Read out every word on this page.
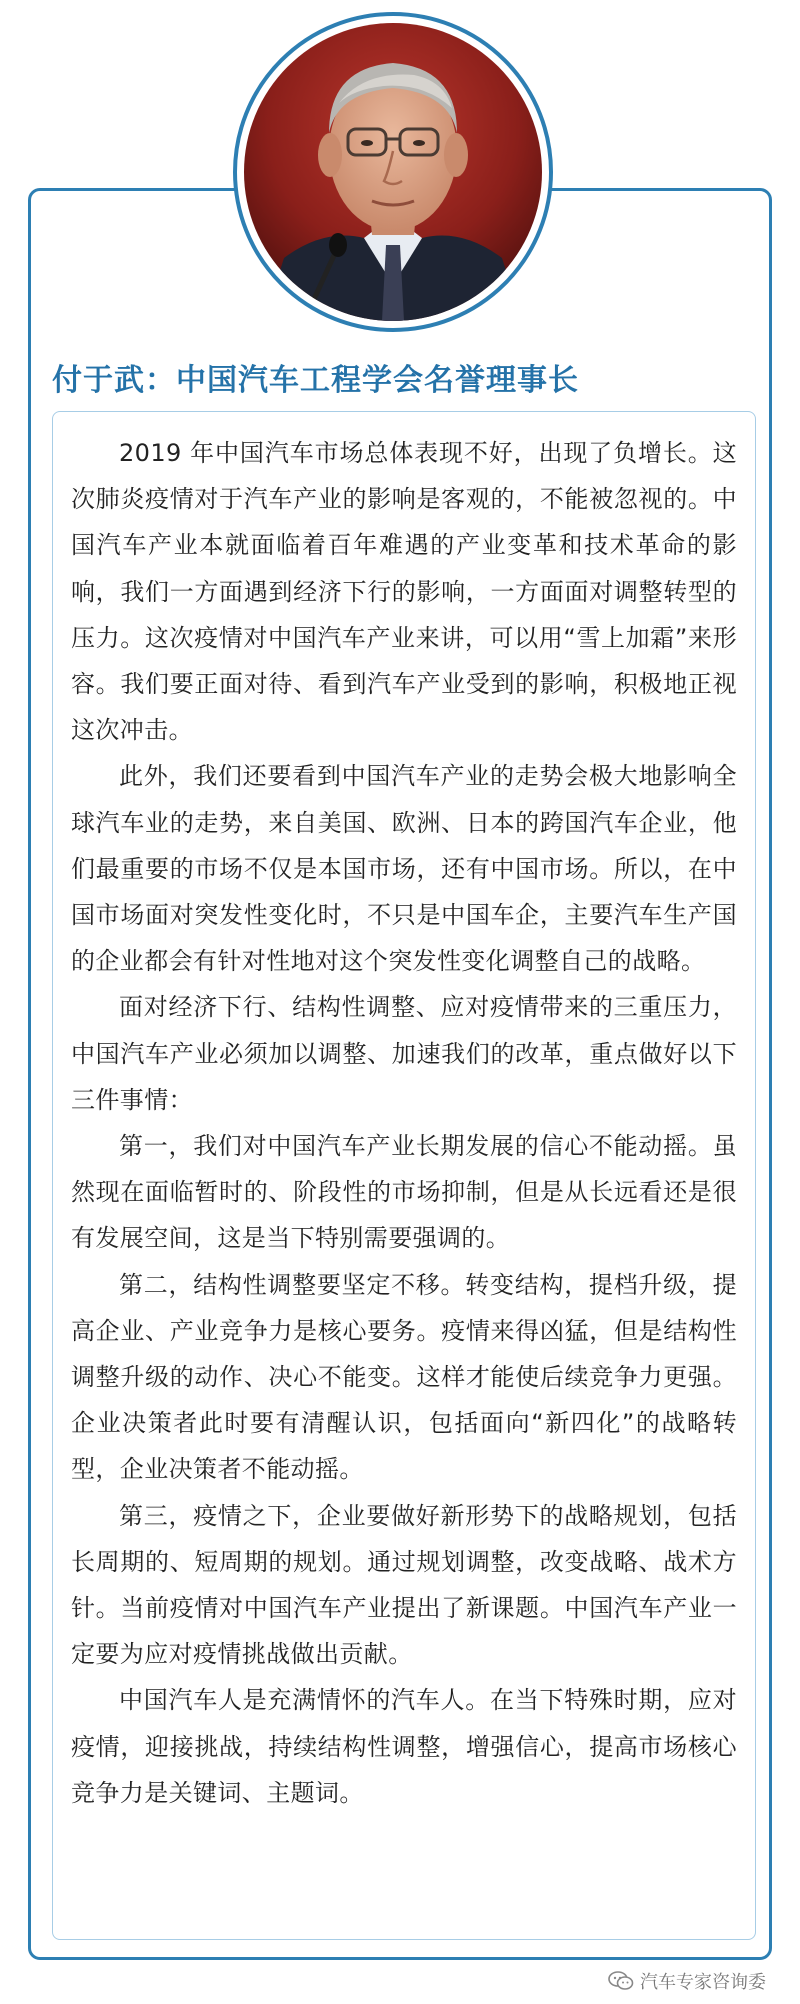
付于武：中国汽车工程学会名誉理事长

2019 年中国汽车市场总体表现不好，出现了负增长。这次肺炎疫情对于汽车产业的影响是客观的，不能被忽视的。中国汽车产业本就面临着百年难遇的产业变革和技术革命的影响，我们一方面遇到经济下行的影响，一方面面对调整转型的压力。这次疫情对中国汽车产业来讲，可以用“雪上加霜”来形容。我们要正面对待、看到汽车产业受到的影响，积极地正视这次冲击。

此外，我们还要看到中国汽车产业的走势会极大地影响全球汽车业的走势，来自美国、欧洲、日本的跨国汽车企业，他们最重要的市场不仅是本国市场，还有中国市场。所以，在中国市场面对突发性变化时，不只是中国车企，主要汽车生产国的企业都会有针对性地对这个突发性变化调整自己的战略。

面对经济下行、结构性调整、应对疫情带来的三重压力，中国汽车产业必须加以调整、加速我们的改革，重点做好以下三件事情：

第一，我们对中国汽车产业长期发展的信心不能动摇。虽然现在面临暂时的、阶段性的市场抑制，但是从长远看还是很有发展空间，这是当下特别需要强调的。

第二，结构性调整要坚定不移。转变结构，提档升级，提高企业、产业竞争力是核心要务。疫情来得凶猛，但是结构性调整升级的动作、决心不能变。这样才能使后续竞争力更强。企业决策者此时要有清醒认识，包括面向“新四化”的战略转型，企业决策者不能动摇。

第三，疫情之下，企业要做好新形势下的战略规划，包括长周期的、短周期的规划。通过规划调整，改变战略、战术方针。当前疫情对中国汽车产业提出了新课题。中国汽车产业一定要为应对疫情挑战做出贡献。

中国汽车人是充满情怀的汽车人。在当下特殊时期，应对疫情，迎接挑战，持续结构性调整，增强信心，提高市场核心竞争力是关键词、主题词。

汽车专家咨询委
